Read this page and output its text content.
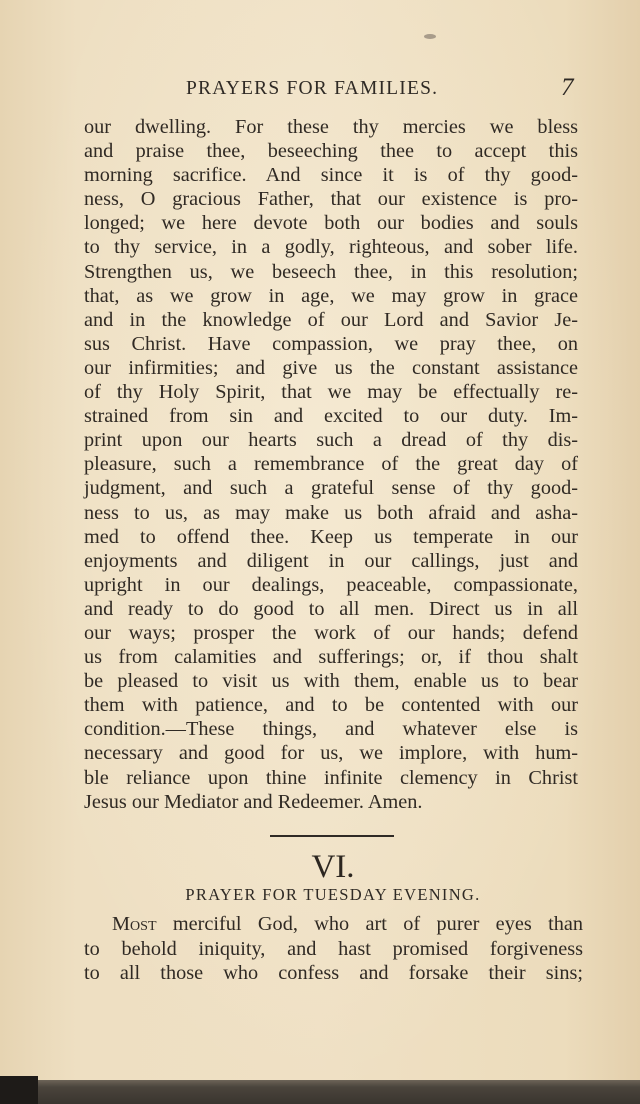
PRAYERS FOR FAMILIES.	7
our dwelling. For these thy mercies we bless
and praise thee, beseeching thee to accept this
morning sacrifice. And since it is of thy good-
ness, O gracious Father, that our existence is pro-
longed; we here devote both our bodies and souls
to thy service, in a godly, righteous, and sober life.
Strengthen us, we beseech thee, in this resolution;
that, as we grow in age, we may grow in grace
and in the knowledge of our Lord and Savior Je-
sus Christ. Have compassion, we pray thee, on
our infirmities; and give us the constant assistance
of thy Holy Spirit, that we may be effectually re-
strained from sin and excited to our duty. Im-
print upon our hearts such a dread of thy dis-
pleasure, such a remembrance of the great day of
judgment, and such a grateful sense of thy good-
ness to us, as may make us both afraid and asha-
med to offend thee. Keep us temperate in our
enjoyments and diligent in our callings, just and
upright in our dealings, peaceable, compassionate,
and ready to do good to all men. Direct us in all
our ways; prosper the work of our hands; defend
us from calamities and sufferings; or, if thou shalt
be pleased to visit us with them, enable us to bear
them with patience, and to be contented with our
condition.—These things, and whatever else is
necessary and good for us, we implore, with hum-
ble reliance upon thine infinite clemency in Christ
Jesus our Mediator and Redeemer. Amen.
VI.
PRAYER FOR TUESDAY EVENING.
Most merciful God, who art of purer eyes than
to behold iniquity, and hast promised forgiveness
to all those who confess and forsake their sins;
